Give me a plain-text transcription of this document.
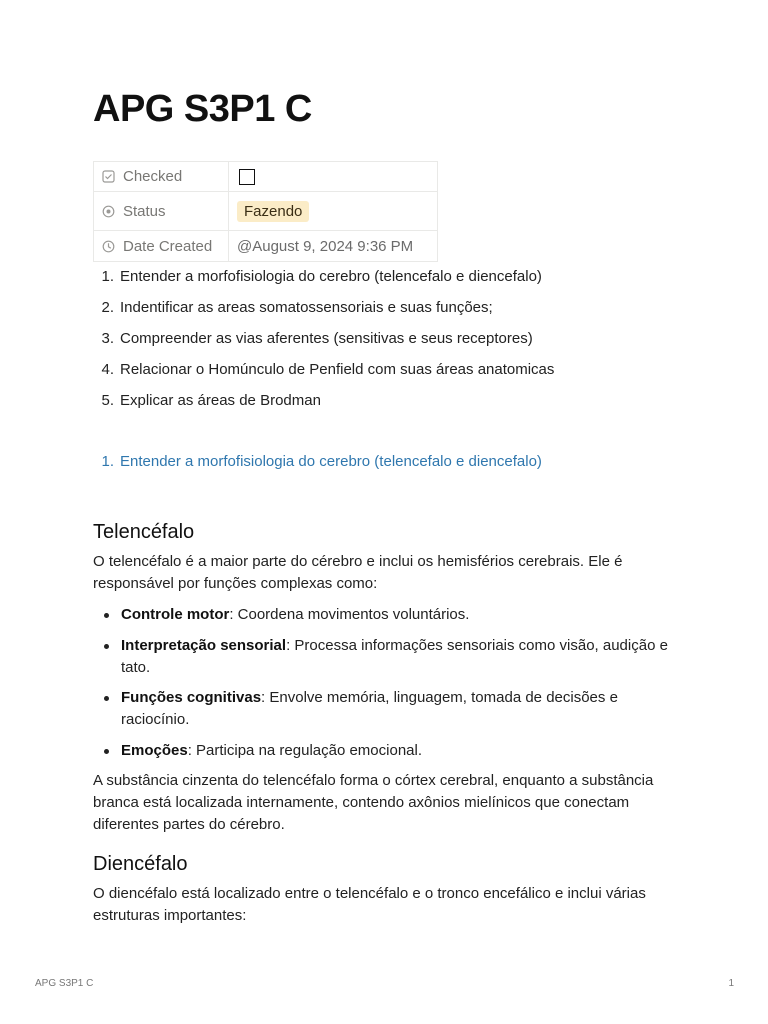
APG S3P1 C
Checked	
Status	Fazendo
Date Created	@August 9, 2024 9:36 PM
1. Entender a morfofisiologia do cerebro (telencefalo e diencefalo)
2. Indentificar as areas somatossensoriais e suas funções;
3. Compreender as vias aferentes (sensitivas e seus receptores)
4. Relacionar o Homúnculo de Penfield com suas áreas anatomicas
5. Explicar as áreas de Brodman
1. Entender a morfofisiologia do cerebro (telencefalo e diencefalo)
Telencéfalo

O telencéfalo é a maior parte do cérebro e inclui os hemisférios cerebrais. Ele é responsável por funções complexas como:

Controle motor: Coordena movimentos voluntários.
Interpretação sensorial: Processa informações sensoriais como visão, audição e tato.
Funções cognitivas: Envolve memória, linguagem, tomada de decisões e raciocínio.
Emoções: Participa na regulação emocional.

A substância cinzenta do telencéfalo forma o córtex cerebral, enquanto a substância branca está localizada internamente, contendo axônios mielínicos que conectam diferentes partes do cérebro.

Diencéfalo

O diencéfalo está localizado entre o telencéfalo e o tronco encefálico e inclui várias estruturas importantes:

APG S3P1 C	1
